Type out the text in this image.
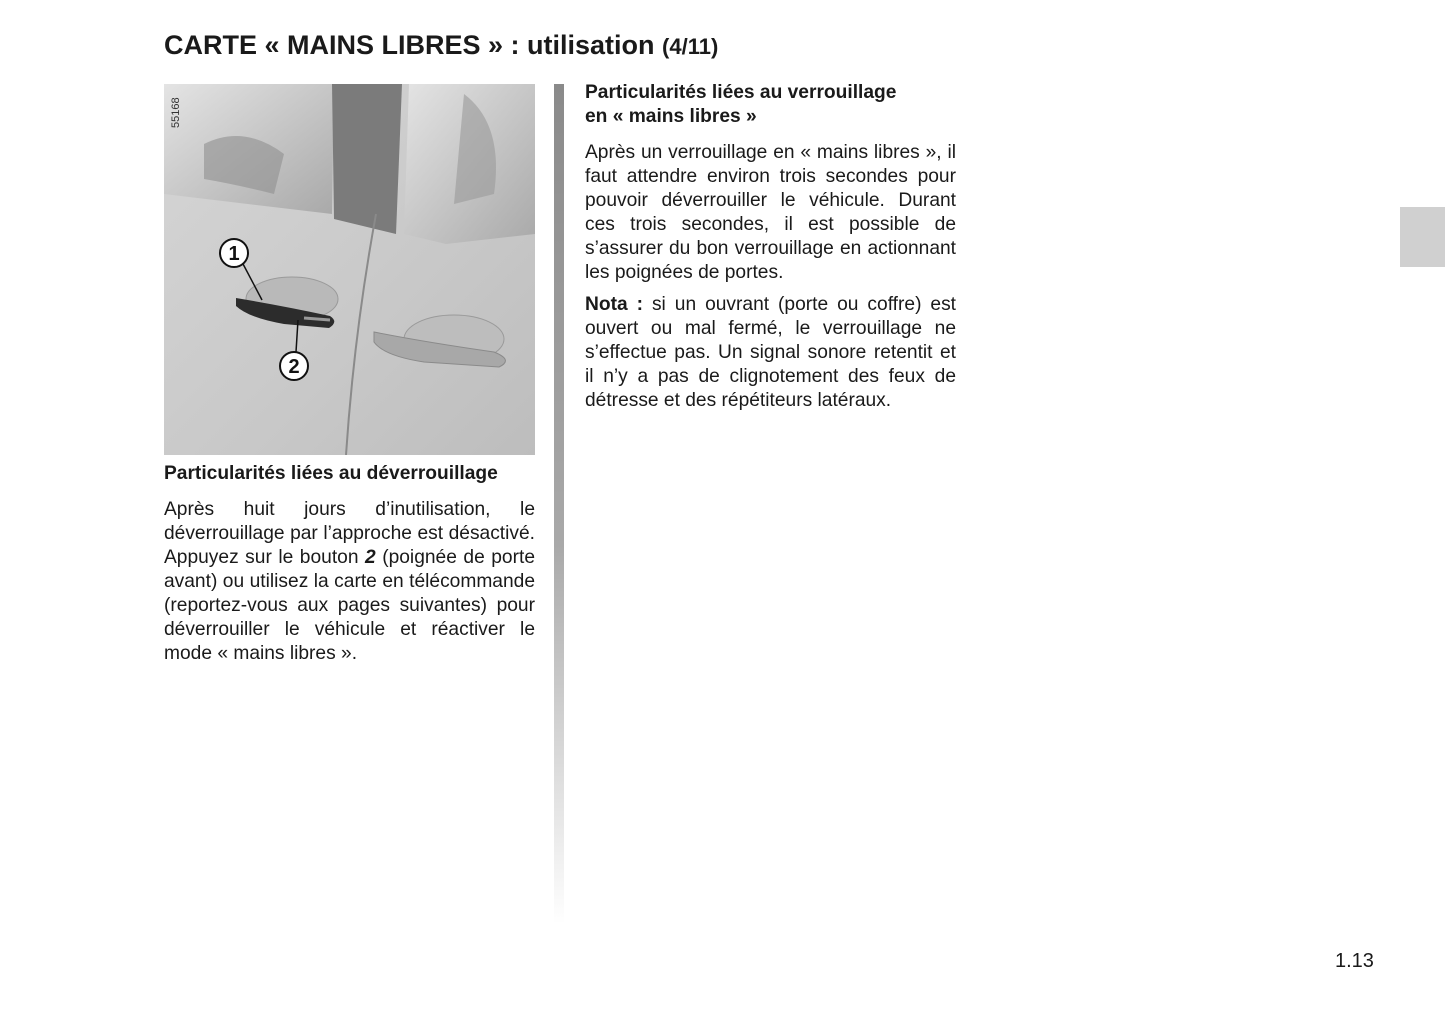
CARTE « MAINS LIBRES » : utilisation (4/11)
1
2
55168
Particularités liées au déverrouillage

Après huit jours d’inutilisation, le déverrouillage par l’approche est désactivé. Appuyez sur le bouton 2 (poignée de porte avant) ou utilisez la carte en télécommande (reportez-vous aux pages suivantes) pour déverrouiller le véhicule et réactiver le mode « mains libres ».

Particularités liées au verrouillage
en « mains libres »

Après un verrouillage en « mains libres », il faut attendre environ trois secondes pour pouvoir déverrouiller le véhicule. Durant ces trois secondes, il est possible de s’assurer du bon verrouillage en actionnant les poignées de portes.

Nota : si un ouvrant (porte ou coffre) est ouvert ou mal fermé, le verrouillage ne s’effectue pas. Un signal sonore retentit et il n’y a pas de clignotement des feux de détresse et des répétiteurs latéraux.

1.13
